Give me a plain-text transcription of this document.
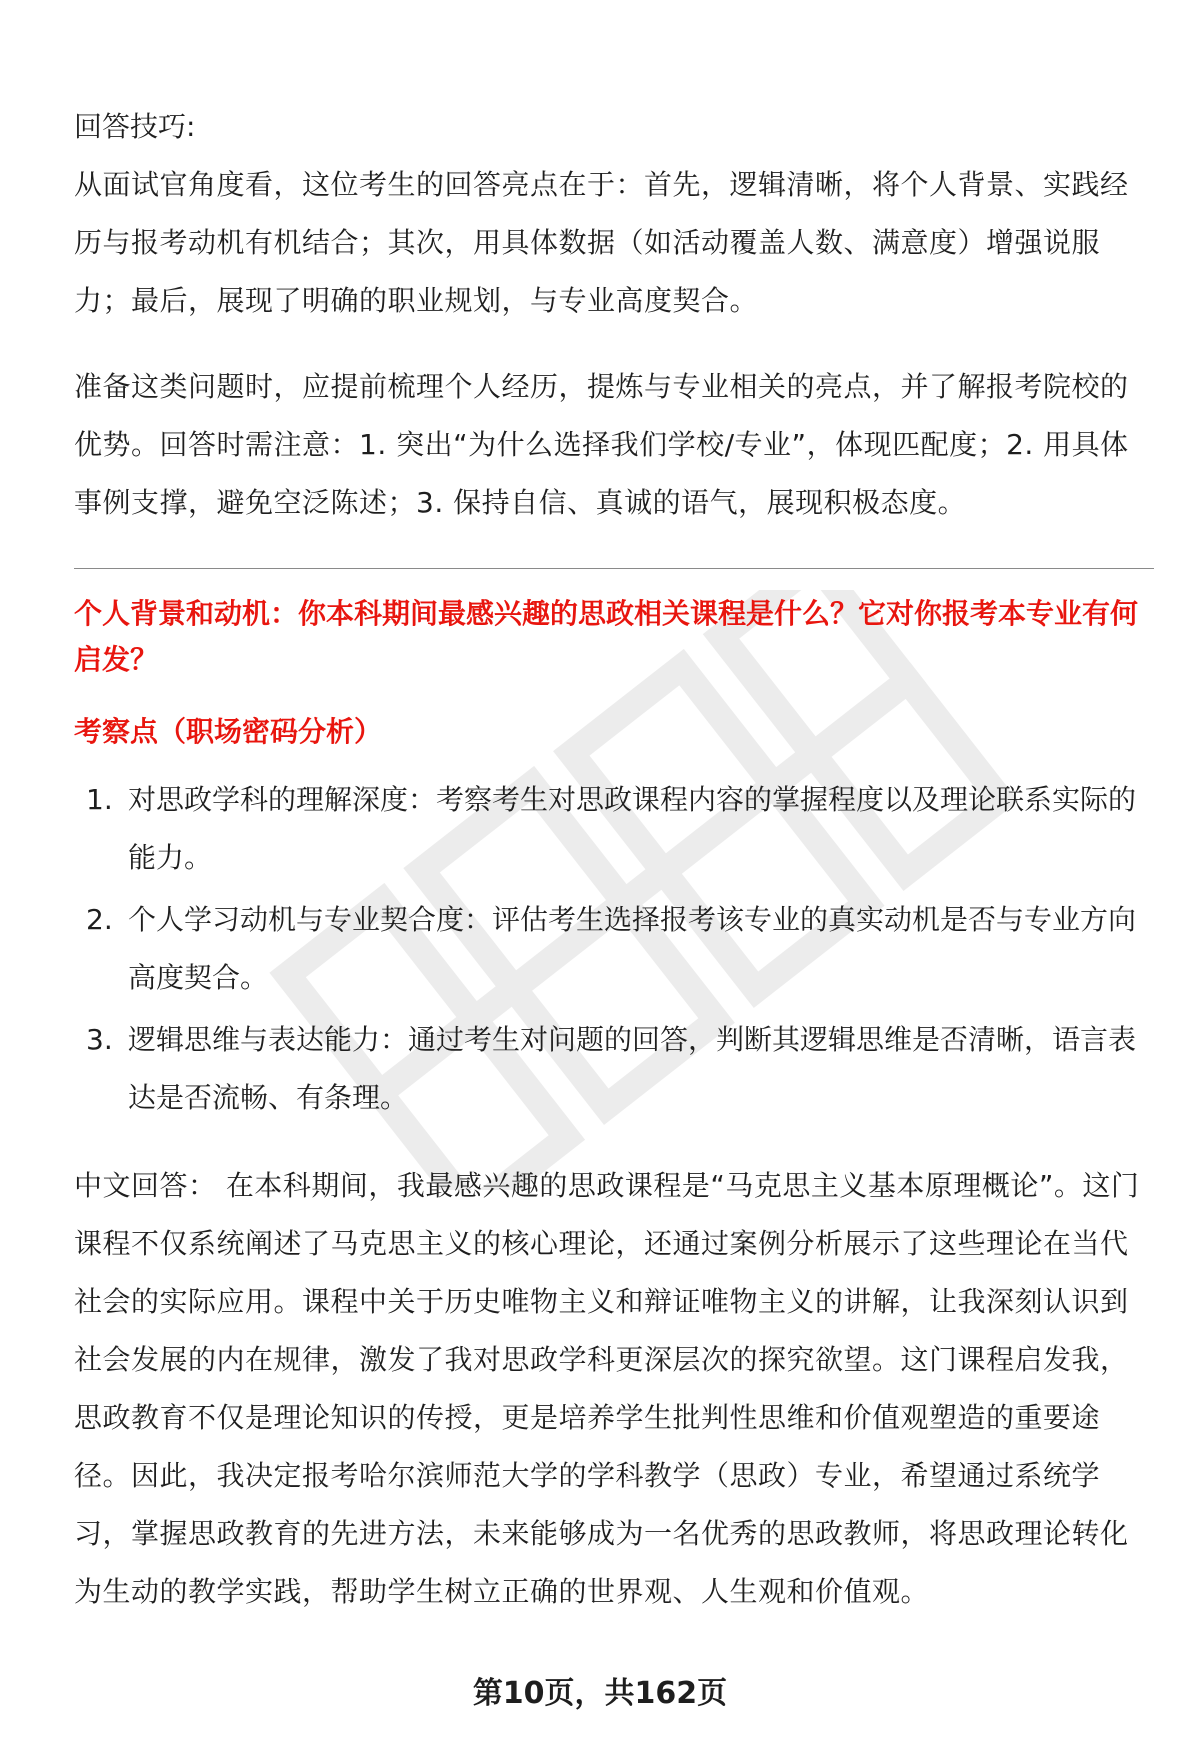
职场密码出品

回答技巧:

从面试官角度看，这位考生的回答亮点在于：首先，逻辑清晰，将个人背景、实践经历与报考动机有机结合；其次，用具体数据（如活动覆盖人数、满意度）增强说服力；最后，展现了明确的职业规划，与专业高度契合。

准备这类问题时，应提前梳理个人经历，提炼与专业相关的亮点，并了解报考院校的优势。回答时需注意：1. 突出“为什么选择我们学校/专业”，体现匹配度；2. 用具体事例支撑，避免空泛陈述；3. 保持自信、真诚的语气，展现积极态度。

个人背景和动机：你本科期间最感兴趣的思政相关课程是什么？它对你报考本专业有何启发？

考察点（职场密码分析）

1. 对思政学科的理解深度：考察考生对思政课程内容的掌握程度以及理论联系实际的能力。
2. 个人学习动机与专业契合度：评估考生选择报考该专业的真实动机是否与专业方向高度契合。
3. 逻辑思维与表达能力：通过考生对问题的回答，判断其逻辑思维是否清晰，语言表达是否流畅、有条理。

中文回答： 在本科期间，我最感兴趣的思政课程是“马克思主义基本原理概论”。这门课程不仅系统阐述了马克思主义的核心理论，还通过案例分析展示了这些理论在当代社会的实际应用。课程中关于历史唯物主义和辩证唯物主义的讲解，让我深刻认识到社会发展的内在规律，激发了我对思政学科更深层次的探究欲望。这门课程启发我，思政教育不仅是理论知识的传授，更是培养学生批判性思维和价值观塑造的重要途径。因此，我决定报考哈尔滨师范大学的学科教学（思政）专业，希望通过系统学习，掌握思政教育的先进方法，未来能够成为一名优秀的思政教师，将思政理论转化为生动的教学实践，帮助学生树立正确的世界观、人生观和价值观。

第10页，共162页
